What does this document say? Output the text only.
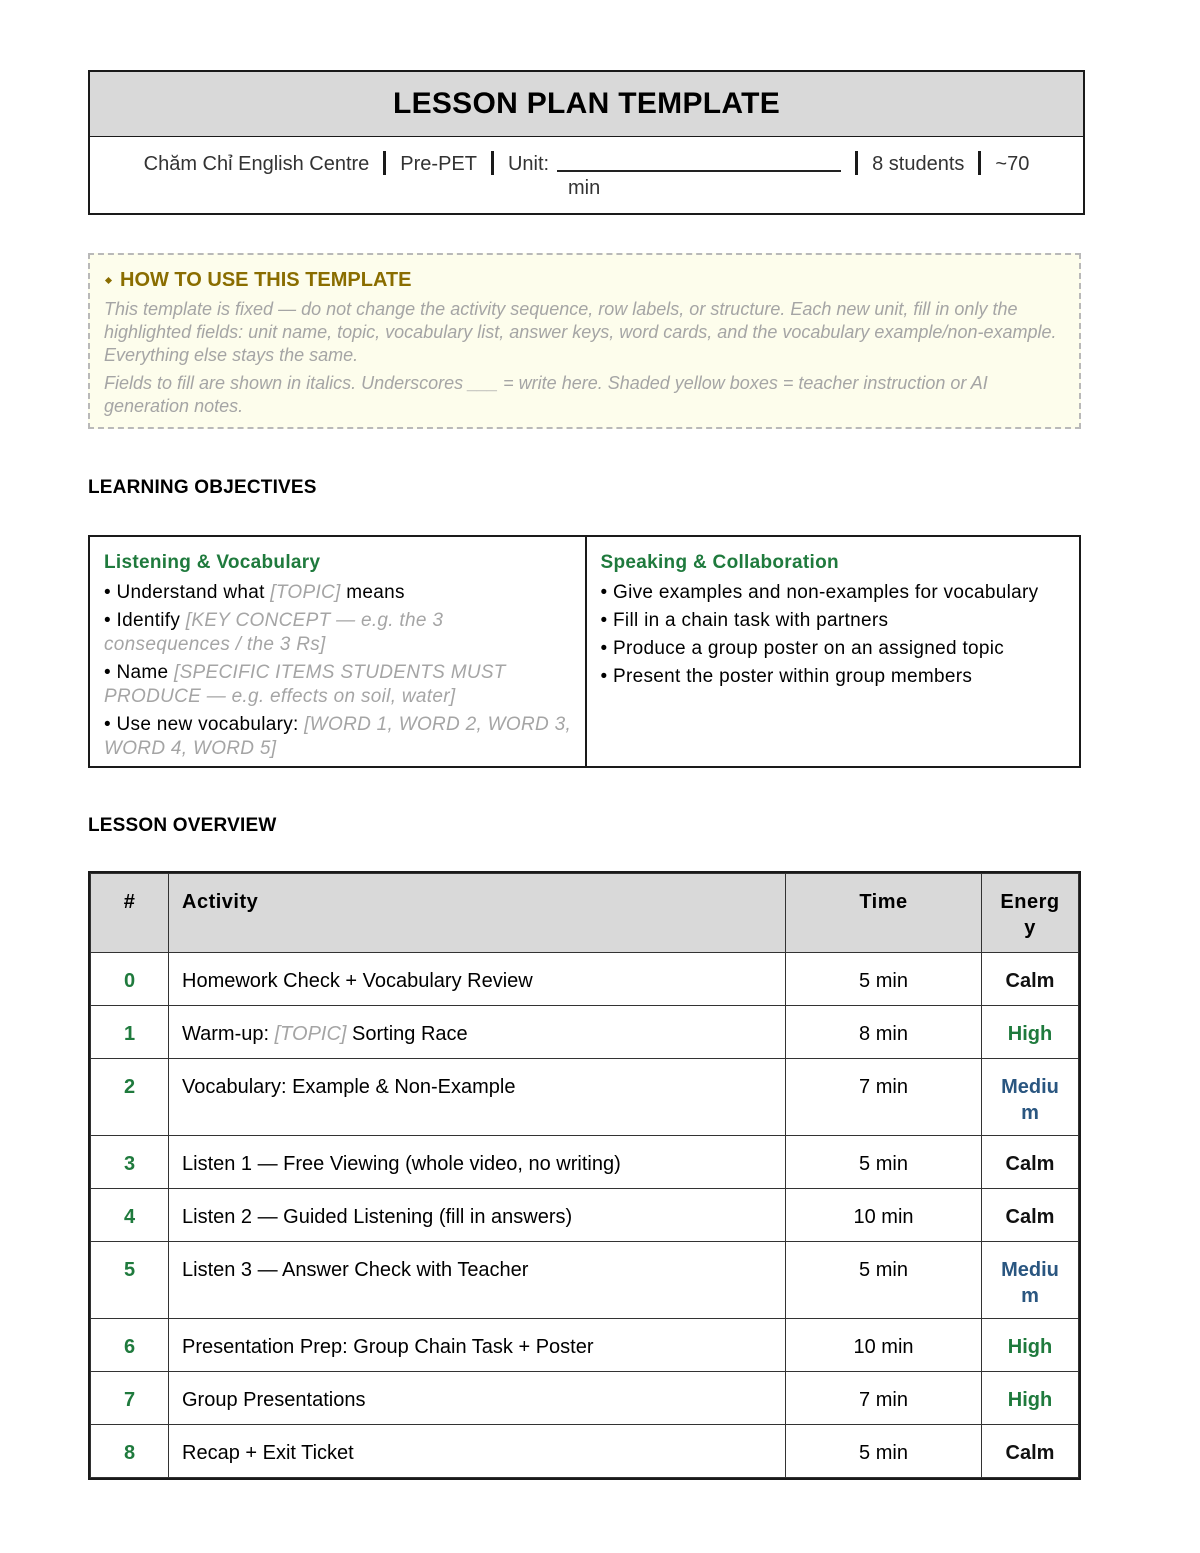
LESSON PLAN TEMPLATE
Chăm Chỉ English Centre Pre-PET Unit:	8 students ~70
min
HOW TO USE THIS TEMPLATE
This template is fixed — do not change the activity sequence, row labels, or structure. Each new unit, fill in only the highlighted fields: unit name, topic, vocabulary list, answer keys, word cards, and the vocabulary example/non-example. Everything else stays the same.
Fields to fill are shown in italics. Underscores ___ = write here. Shaded yellow boxes = teacher instruction or AI generation notes.
LEARNING OBJECTIVES
Listening & Vocabulary
• Understand what [TOPIC] means
• Identify [KEY CONCEPT — e.g. the 3 consequences / the 3 Rs]
• Name [SPECIFIC ITEMS STUDENTS MUST PRODUCE — e.g. effects on soil, water]
• Use new vocabulary: [WORD 1, WORD 2, WORD 3, WORD 4, WORD 5]
Speaking & Collaboration
• Give examples and non-examples for vocabulary
• Fill in a chain task with partners
• Produce a group poster on an assigned topic
• Present the poster within group members
LESSON OVERVIEW
#	Activity	Time	Energ y

0	Homework Check + Vocabulary Review	5 min	Calm

1	Warm-up: [TOPIC] Sorting Race	8 min	High

2	Vocabulary: Example & Non-Example	7 min	Mediu m

3	Listen 1 — Free Viewing (whole video, no writing)	5 min	Calm

4	Listen 2 — Guided Listening (fill in answers)	10 min	Calm

5	Listen 3 — Answer Check with Teacher	5 min	Mediu m

6	Presentation Prep: Group Chain Task + Poster	10 min	High

7	Group Presentations	7 min	High

8	Recap + Exit Ticket	5 min	Calm
